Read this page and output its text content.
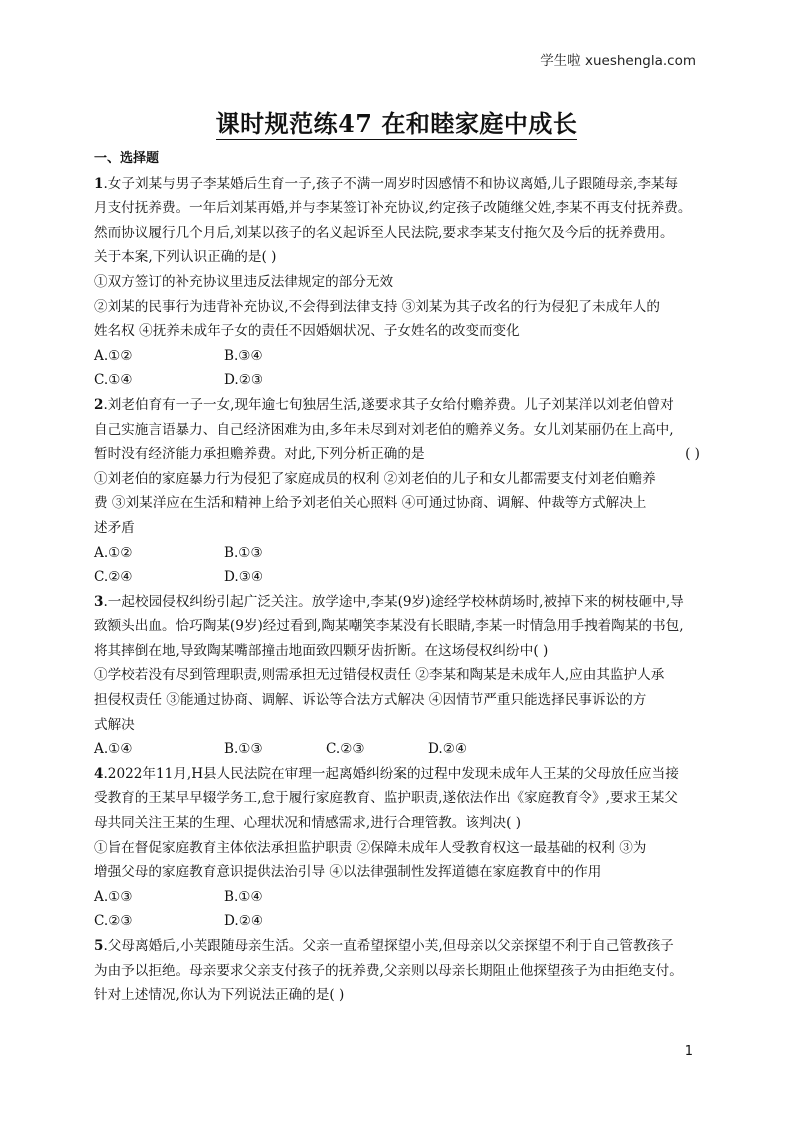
学生啦 xueshengla.com
课时规范练47 在和睦家庭中成长
一、选择题
1.女子刘某与男子李某婚后生育一子,孩子不满一周岁时因感情不和协议离婚,儿子跟随母亲,李某每
月支付抚养费。一年后刘某再婚,并与李某签订补充协议,约定孩子改随继父姓,李某不再支付抚养费。
然而协议履行几个月后,刘某以孩子的名义起诉至人民法院,要求李某支付拖欠及今后的抚养费用。
关于本案,下列认识正确的是( )
①双方签订的补充协议里违反法律规定的部分无效
②刘某的民事行为违背补充协议,不会得到法律支持 ③刘某为其子改名的行为侵犯了未成年人的
姓名权 ④抚养未成年子女的责任不因婚姻状况、子女姓名的改变而变化
A.①②	B.③④
C.①④	D.②③
2.刘老伯育有一子一女,现年逾七旬独居生活,遂要求其子女给付赡养费。儿子刘某洋以刘老伯曾对
自己实施言语暴力、自己经济困难为由,多年未尽到对刘老伯的赡养义务。女儿刘某丽仍在上高中,
暂时没有经济能力承担赡养费。对此,下列分析正确的是	( )
①刘老伯的家庭暴力行为侵犯了家庭成员的权利 ②刘老伯的儿子和女儿都需要支付刘老伯赡养
费 ③刘某洋应在生活和精神上给予刘老伯关心照料 ④可通过协商、调解、仲裁等方式解决上
述矛盾
A.①②	B.①③
C.②④	D.③④
3.一起校园侵权纠纷引起广泛关注。放学途中,李某(9岁)途经学校林荫场时,被掉下来的树枝砸中,导
致额头出血。恰巧陶某(9岁)经过看到,陶某嘲笑李某没有长眼睛,李某一时情急用手拽着陶某的书包,
将其摔倒在地,导致陶某嘴部撞击地面致四颗牙齿折断。在这场侵权纠纷中( )
①学校若没有尽到管理职责,则需承担无过错侵权责任 ②李某和陶某是未成年人,应由其监护人承
担侵权责任 ③能通过协商、调解、诉讼等合法方式解决 ④因情节严重只能选择民事诉讼的方
式解决
A.①④	B.①③	C.②③	D.②④
4.2022年11月,H县人民法院在审理一起离婚纠纷案的过程中发现未成年人王某的父母放任应当接
受教育的王某早早辍学务工,怠于履行家庭教育、监护职责,遂依法作出《家庭教育令》,要求王某父
母共同关注王某的生理、心理状况和情感需求,进行合理管教。该判决( )
①旨在督促家庭教育主体依法承担监护职责 ②保障未成年人受教育权这一最基础的权利 ③为
增强父母的家庭教育意识提供法治引导 ④以法律强制性发挥道德在家庭教育中的作用
A.①③	B.①④
C.②③	D.②④
5.父母离婚后,小芙跟随母亲生活。父亲一直希望探望小芙,但母亲以父亲探望不利于自己管教孩子
为由予以拒绝。母亲要求父亲支付孩子的抚养费,父亲则以母亲长期阻止他探望孩子为由拒绝支付。
针对上述情况,你认为下列说法正确的是( )
1
